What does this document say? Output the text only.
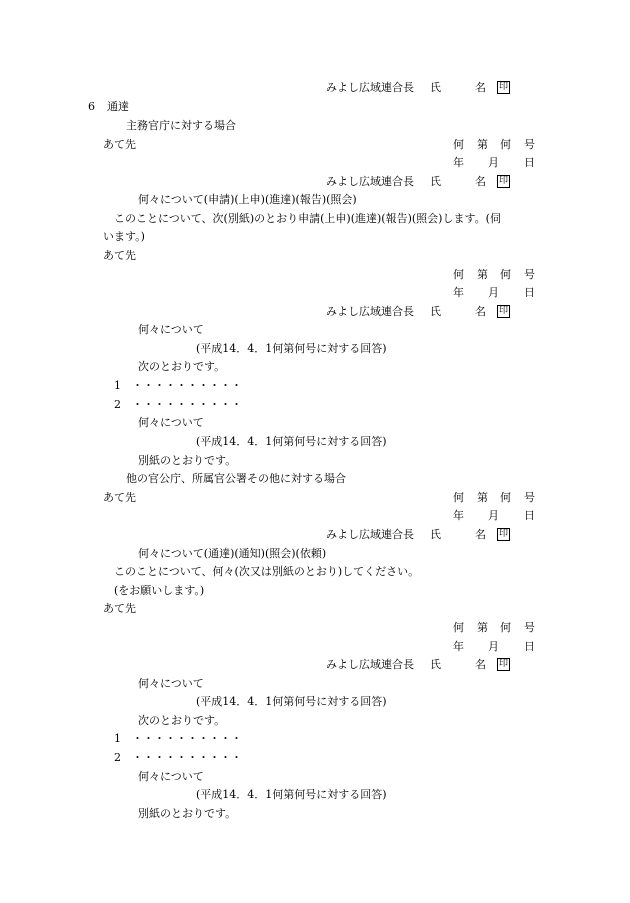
みよし広域連合長 氏	名 印
6 通達
主務官庁に対する場合
あて先	何 第 何 号
年 月 日
みよし広域連合長 氏	名 印
何々について(申請)(上申)(進達)(報告)(照会)
このことについて、次(別紙)のとおり申請(上申)(進達)(報告)(照会)します。(伺
います。)
あて先
何 第 何 号
年 月 日
みよし広域連合長 氏	名 印
何々について
(平成14．4．1何第何号に対する回答)
次のとおりです。
1　・・・・・・・・・・
2　・・・・・・・・・・
何々について
(平成14．4．1何第何号に対する回答)
別紙のとおりです。
他の官公庁、所属官公署その他に対する場合
あて先	何 第 何 号
年 月 日
みよし広域連合長 氏	名 印
何々について(通達)(通知)(照会)(依頼)
このことについて、何々(次又は別紙のとおり)してください。
(をお願いします。)
あて先
何 第 何 号
年 月 日
みよし広域連合長 氏	名 印
何々について
(平成14．4．1何第何号に対する回答)
次のとおりです。
1　・・・・・・・・・・
2　・・・・・・・・・・
何々について
(平成14．4．1何第何号に対する回答)
別紙のとおりです。
